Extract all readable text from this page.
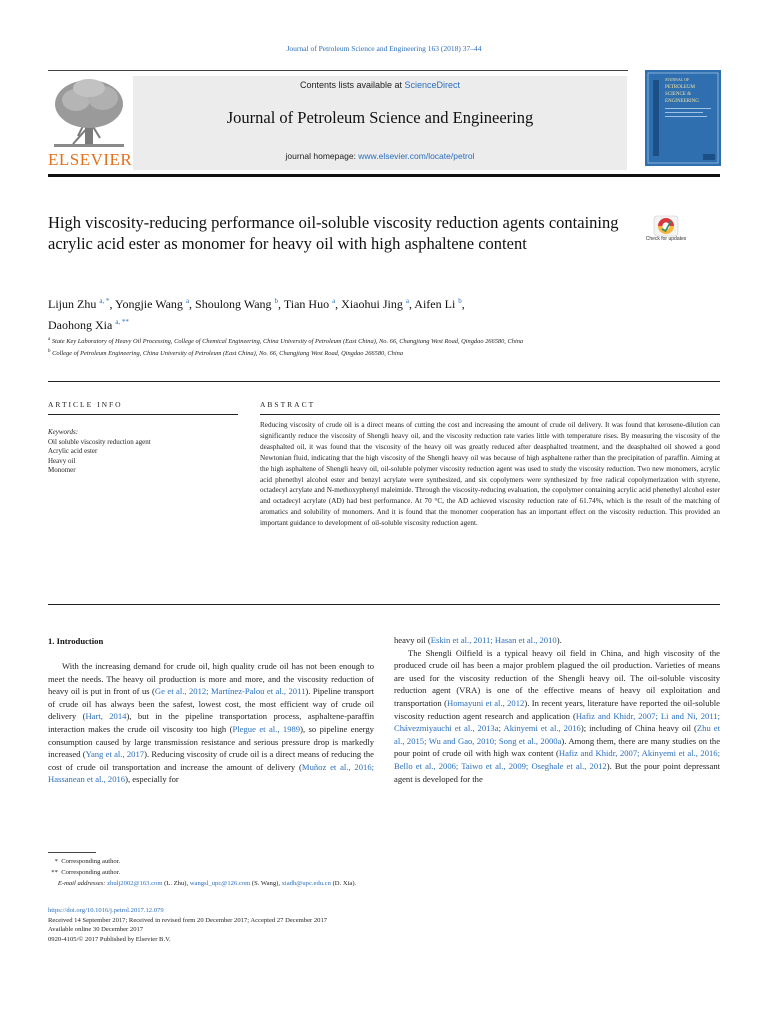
Journal of Petroleum Science and Engineering 163 (2018) 37–44
ELSEVIER
Contents lists available at ScienceDirect
Journal of Petroleum Science and Engineering
journal homepage: www.elsevier.com/locate/petrol
JOURNAL OF
PETROLEUM
SCIENCE &
ENGINEERING
High viscosity-reducing performance oil-soluble viscosity reduction agents containing acrylic acid ester as monomer for heavy oil with high asphaltene content	Check for updates
Lijun Zhu $^{a, *}$, Yongjie Wang $^a$, Shoulong Wang $^b$, Tian Huo $^a$, Xiaohui Jing $^a$, Aifen Li $^b$,
Daohong Xia $^{a, **}$
$^a$ State Key Laboratory of Heavy Oil Processing, College of Chemical Engineering, China University of Petroleum (East China), No. 66, Changjiang West Road, Qingdao 266580, China
$^b$ College of Petroleum Engineering, China University of Petroleum (East China), No. 66, Changjiang West Road, Qingdao 266580, China
ARTICLE INFO	ABSTRACT
Keywords:
Oil soluble viscosity reduction agent
Acrylic acid ester
Heavy oil
Monomer
Reducing viscosity of crude oil is a direct means of cutting the cost and increasing the amount of crude oil delivery. It was found that kerosene-dilution can significantly reduce the viscosity of Shengli heavy oil, and the viscosity reduction rate varies little with temperature rises. By measuring the viscosity of the deasphalted oil, it was found that the viscosity of the heavy oil was greatly reduced after deasphalted treatment, and the deasphalted oil showed a good Newtonian fluid, indicating that the high viscosity of the Shengli heavy oil was because of high asphaltene rather than the precipitation of paraffin. Aiming at the high asphaltene of Shengli heavy oil, oil-soluble polymer viscosity reduction agent was used to study the viscosity reduction. Two new monomers, acrylic acid phenethyl alcohol ester and benzyl acrylate were synthesized, and six copolymers were synthesized by free radical copolymerization with styrene, octadecyl acrylate and N-methoxyphenyl maleimide. Through the viscosity-reducing evaluation, the copolymer containing acrylic acid phenethyl alcohol ester and octadecyl acrylate (AD) had best performance. At 70 °C, the AD achieved viscosity reduction rate of 61.74%, which is the result of the matching of aromatics and solubility of monomers. And it is found that the monomer cooperation has an important effect on the viscosity reduction. This provided an important guidance to development of oil-soluble viscosity reduction agent.
1. Introduction

With the increasing demand for crude oil, high quality crude oil has not been enough to meet the needs. The heavy oil production is more and more, and the viscosity reduction of heavy oil is put in front of us (Ge et al., 2012; Martínez-Palou et al., 2011). Pipeline transport of crude oil has always been the safest, lowest cost, the most efficient way of crude oil delivery (Hart, 2014), but in the pipeline transportation process, asphaltene-paraffin interaction makes the crude oil viscosity too high (Plegue et al., 1989), so pipeline energy consumption caused by large transmission resistance and serious pressure drop is markedly increased (Yang et al., 2017). Reducing viscosity of crude oil is a direct means of reducing the cost of crude oil transportation and increase the amount of delivery (Muñoz et al., 2016; Hassanean et al., 2016), especially for

heavy oil (Eskin et al., 2011; Hasan et al., 2010).

The Shengli Oilfield is a typical heavy oil field in China, and high viscosity of the produced crude oil has been a major problem plagued the oil production. Varieties of means are used for the viscosity reduction of the Shengli heavy oil. The oil-soluble viscosity reduction agent (VRA) is one of the effective means of heavy oil exploitation and transportation (Homayuni et al., 2012). In recent years, literature have reported the oil-soluble viscosity reduction agent research and application (Hafiz and Khidr, 2007; Li and Ni, 2011; Chávezmiyauchi et al., 2013a; Akinyemi et al., 2016); including of China heavy oil (Zhu et al., 2015; Wu and Gao, 2010; Song et al., 2000a). Among them, there are many studies on the pour point of crude oil with high wax content (Hafiz and Khidr, 2007; Akinyemi et al., 2016; Bello et al., 2006; Taiwo et al., 2009; Oseghale et al., 2012). But the pour point depressant agent is developed for the

*  Corresponding author.
**  Corresponding author.
E-mail addresses: zhulj2002@163.com (L. Zhu), wangsl_upc@126.com (S. Wang), xiadh@upc.edu.cn (D. Xia).
https://doi.org/10.1016/j.petrol.2017.12.079
Received 14 September 2017; Received in revised form 20 December 2017; Accepted 27 December 2017
Available online 30 December 2017
0920-4105/© 2017 Published by Elsevier B.V.
